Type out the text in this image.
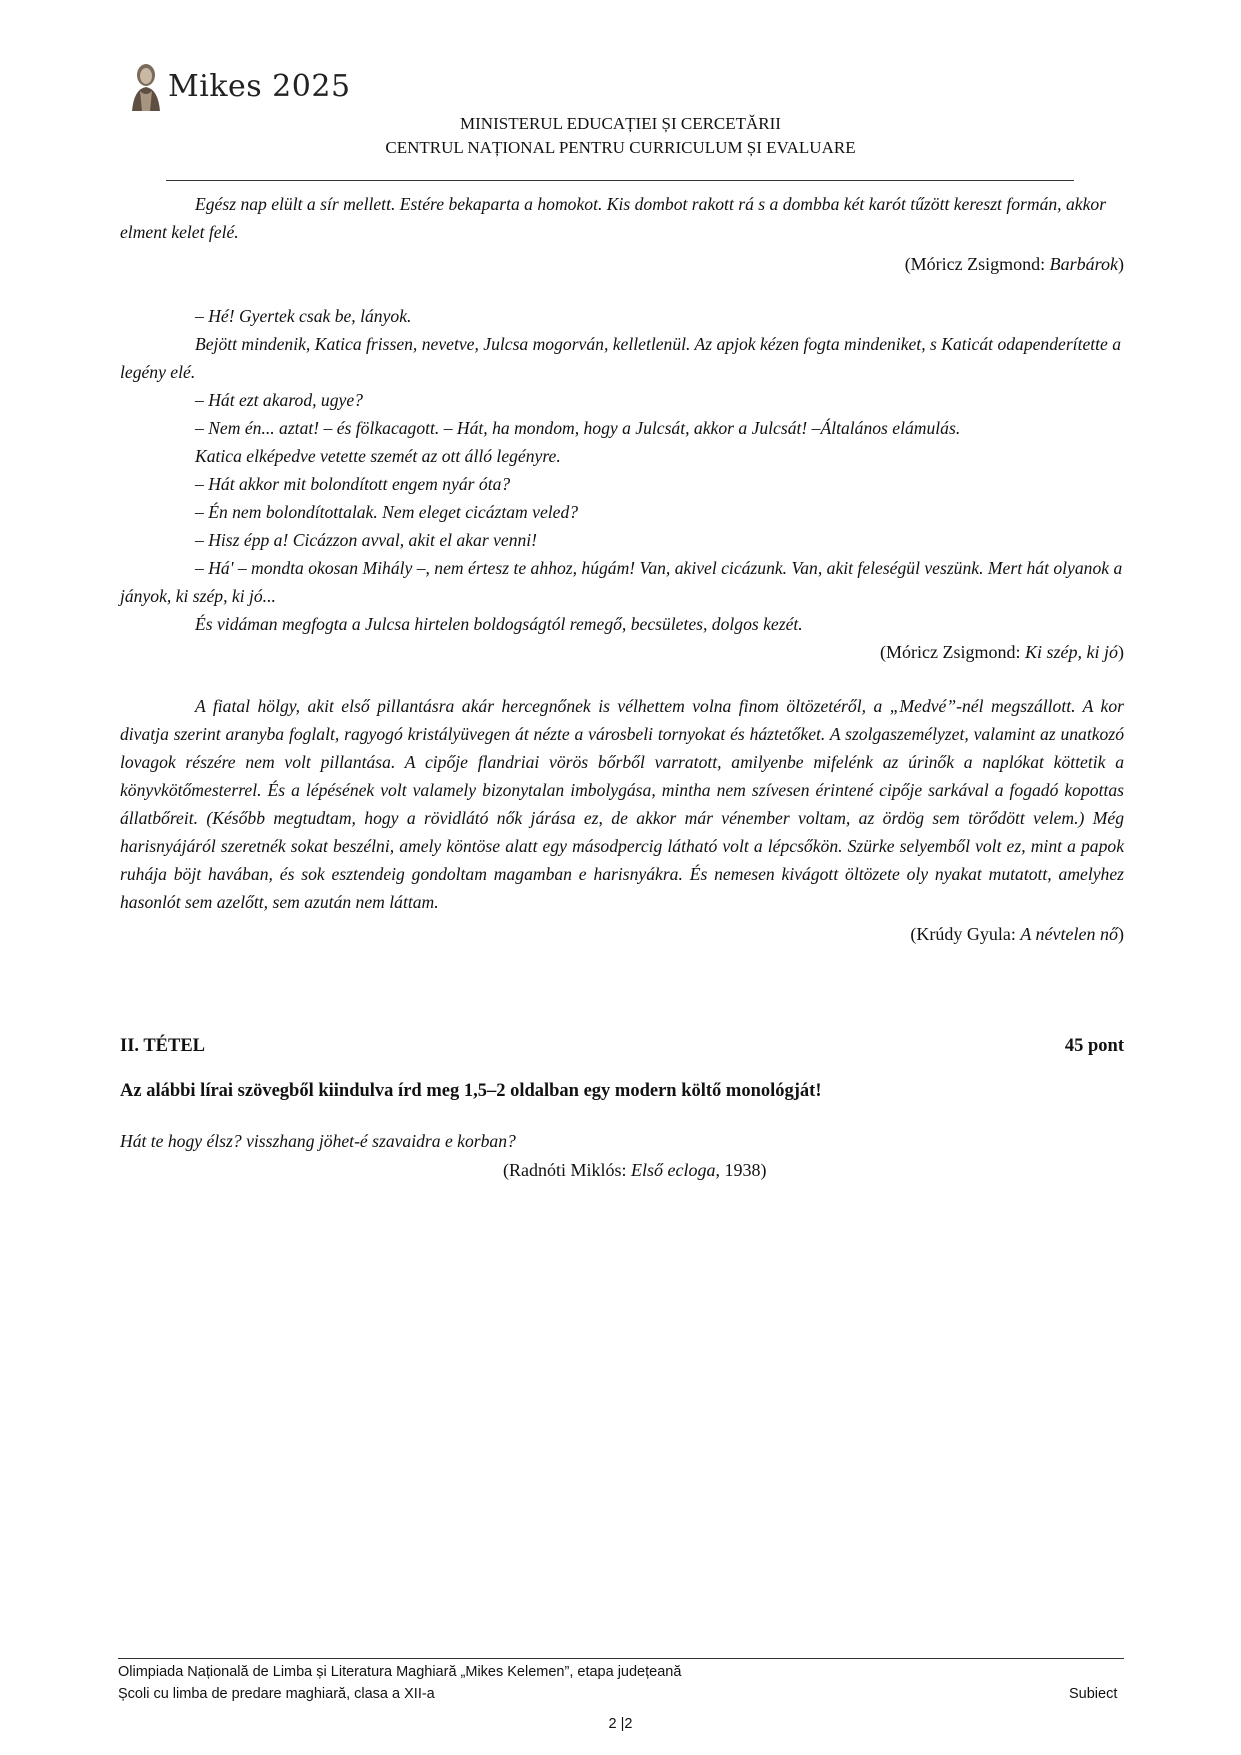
Mikes 2025
MINISTERUL EDUCAȚIEI ȘI CERCETĂRII
CENTRUL NAȚIONAL PENTRU CURRICULUM ȘI EVALUARE

Egész nap elült a sír mellett. Estére bekaparta a homokot. Kis dombot rakott rá s a dombba két karót tűzött kereszt formán, akkor elment kelet felé.

(Móricz Zsigmond: Barbárok)

– Hé! Gyertek csak be, lányok.

Bejött mindenik, Katica frissen, nevetve, Julcsa mogorván, kelletlenül. Az apjok kézen fogta mindeniket, s Katicát odapenderítette a legény elé.

– Hát ezt akarod, ugye?

– Nem én... aztat! – és fölkacagott. – Hát, ha mondom, hogy a Julcsát, akkor a Julcsát! –Általános elámulás.

Katica elképedve vetette szemét az ott álló legényre.

– Hát akkor mit bolondított engem nyár óta?

– Én nem bolondítottalak. Nem eleget cicáztam veled?

– Hisz épp a! Cicázzon avval, akit el akar venni!

– Há' – mondta okosan Mihály –, nem értesz te ahhoz, húgám! Van, akivel cicázunk. Van, akit feleségül veszünk. Mert hát olyanok a jányok, ki szép, ki jó...

És vidáman megfogta a Julcsa hirtelen boldogságtól remegő, becsületes, dolgos kezét.

(Móricz Zsigmond: Ki szép, ki jó)

A fiatal hölgy, akit első pillantásra akár hercegnőnek is vélhettem volna finom öltözetéről, a „Medvé”-nél megszállott. A kor divatja szerint aranyba foglalt, ragyogó kristályüvegen át nézte a városbeli tornyokat és háztetőket. A szolgaszemélyzet, valamint az unatkozó lovagok részére nem volt pillantása. A cipője flandriai vörös bőrből varratott, amilyenbe mifelénk az úrinők a naplókat köttetik a könyvkötőmesterrel. És a lépésének volt valamely bizonytalan imbolygása, mintha nem szívesen érintené cipője sarkával a fogadó kopottas állatbőreit. (Később megtudtam, hogy a rövidlátó nők járása ez, de akkor már vénember voltam, az ördög sem törődött velem.) Még harisnyájáról szeretnék sokat beszélni, amely köntöse alatt egy másodpercig látható volt a lépcsőkön. Szürke selyemből volt ez, mint a papok ruhája böjt havában, és sok esztendeig gondoltam magamban e harisnyákra. És nemesen kivágott öltözete oly nyakat mutatott, amelyhez hasonlót sem azelőtt, sem azután nem láttam.

(Krúdy Gyula: A névtelen nő)

II. TÉTEL	45 pont
Az alábbi lírai szövegből kiindulva írd meg 1,5–2 oldalban egy modern költő monológját!
Hát te hogy élsz? visszhang jöhet-é szavaidra e korban?
(Radnóti Miklós: Első ecloga, 1938)
Olimpiada Națională de Limba și Literatura Maghiară „Mikes Kelemen”, etapa județeană
Școli cu limba de predare maghiară, clasa a XII-a	Subiect
2 |2
